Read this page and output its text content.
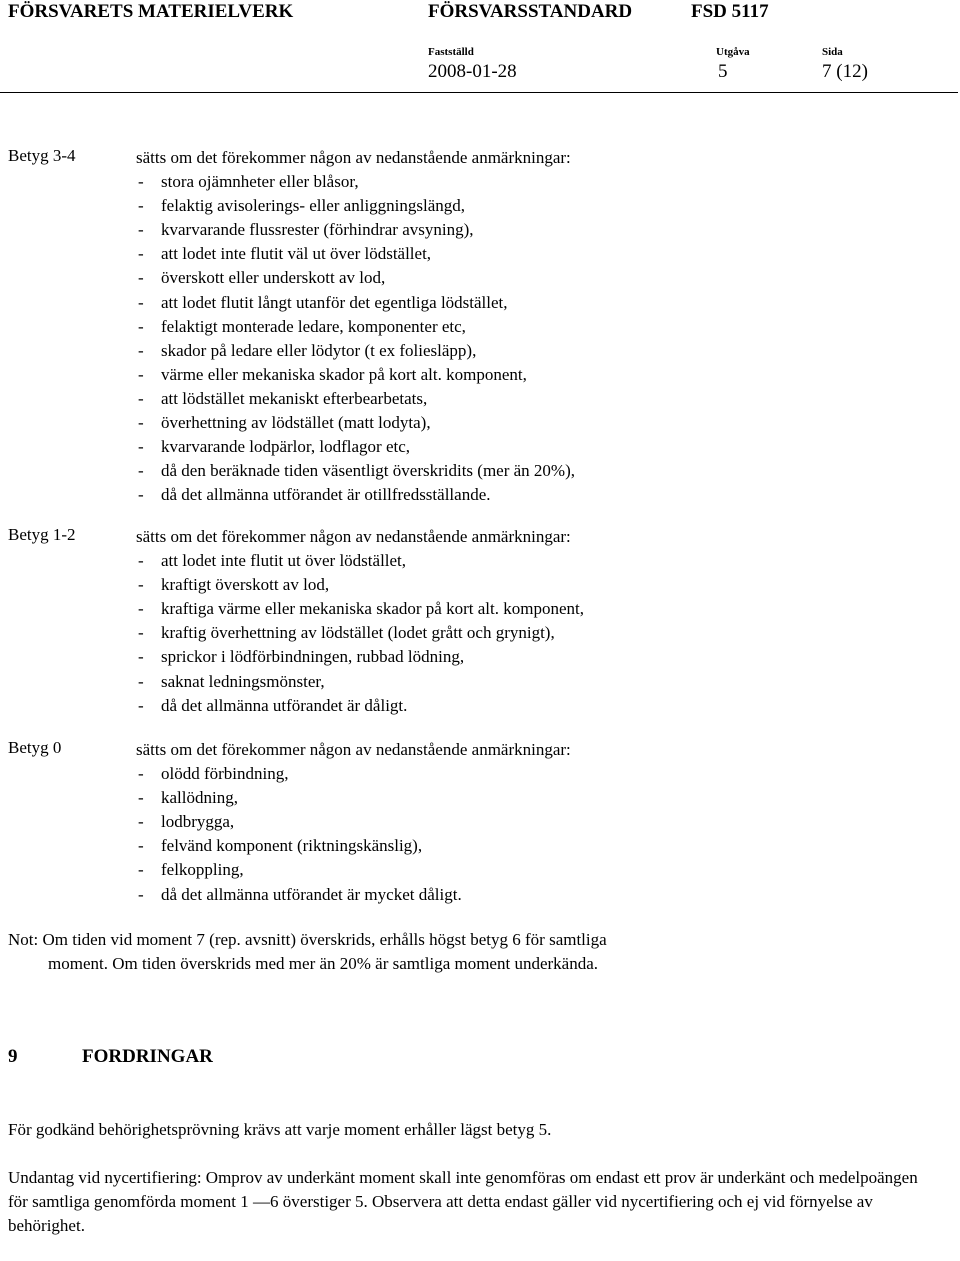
FÖRSVARETS MATERIELVERK	FÖRSVARSSTANDARD	FSD 5117
Fastställd	Utgåva	Sida
2008-01-28	5	7 (12)
Betyg 3-4	sätts om det förekommer någon av nedanstående anmärkningar:
- stora ojämnheter eller blåsor,
- felaktig avisolerings- eller anliggningslängd,
- kvarvarande flussrester (förhindrar avsyning),
- att lodet inte flutit väl ut över lödstället,
- överskott eller underskott av lod,
- att lodet flutit långt utanför det egentliga lödstället,
- felaktigt monterade ledare, komponenter etc,
- skador på ledare eller lödytor (t ex foliesläpp),
- värme eller mekaniska skador på kort alt. komponent,
- att lödstället mekaniskt efterbearbetats,
- överhettning av lödstället (matt lodyta),
- kvarvarande lodpärlor, lodflagor etc,
- då den beräknade tiden väsentligt överskridits (mer än 20%),
- då det allmänna utförandet är otillfredsställande.
Betyg 1-2	sätts om det förekommer någon av nedanstående anmärkningar:
- att lodet inte flutit ut över lödstället,
- kraftigt överskott av lod,
- kraftiga värme eller mekaniska skador på kort alt. komponent,
- kraftig överhettning av lödstället (lodet grått och grynigt),
- sprickor i lödförbindningen, rubbad lödning,
- saknat ledningsmönster,
- då det allmänna utförandet är dåligt.
Betyg 0	sätts om det förekommer någon av nedanstående anmärkningar:
- olödd förbindning,
- kallödning,
- lodbrygga,
- felvänd komponent (riktningskänslig),
- felkoppling,
- då det allmänna utförandet är mycket dåligt.
Not: Om tiden vid moment 7 (rep. avsnitt) överskrids, erhålls högst betyg 6 för samtliga
moment. Om tiden överskrids med mer än 20% är samtliga moment underkända.
9	FORDRINGAR
För godkänd behörighetsprövning krävs att varje moment erhåller lägst betyg 5.
Undantag vid nycertifiering: Omprov av underkänt moment skall inte genomföras om endast ett prov är underkänt och medelpoängen för samtliga genomförda moment 1 —6 överstiger 5. Observera att detta endast gäller vid nycertifiering och ej vid förnyelse av behörighet.
